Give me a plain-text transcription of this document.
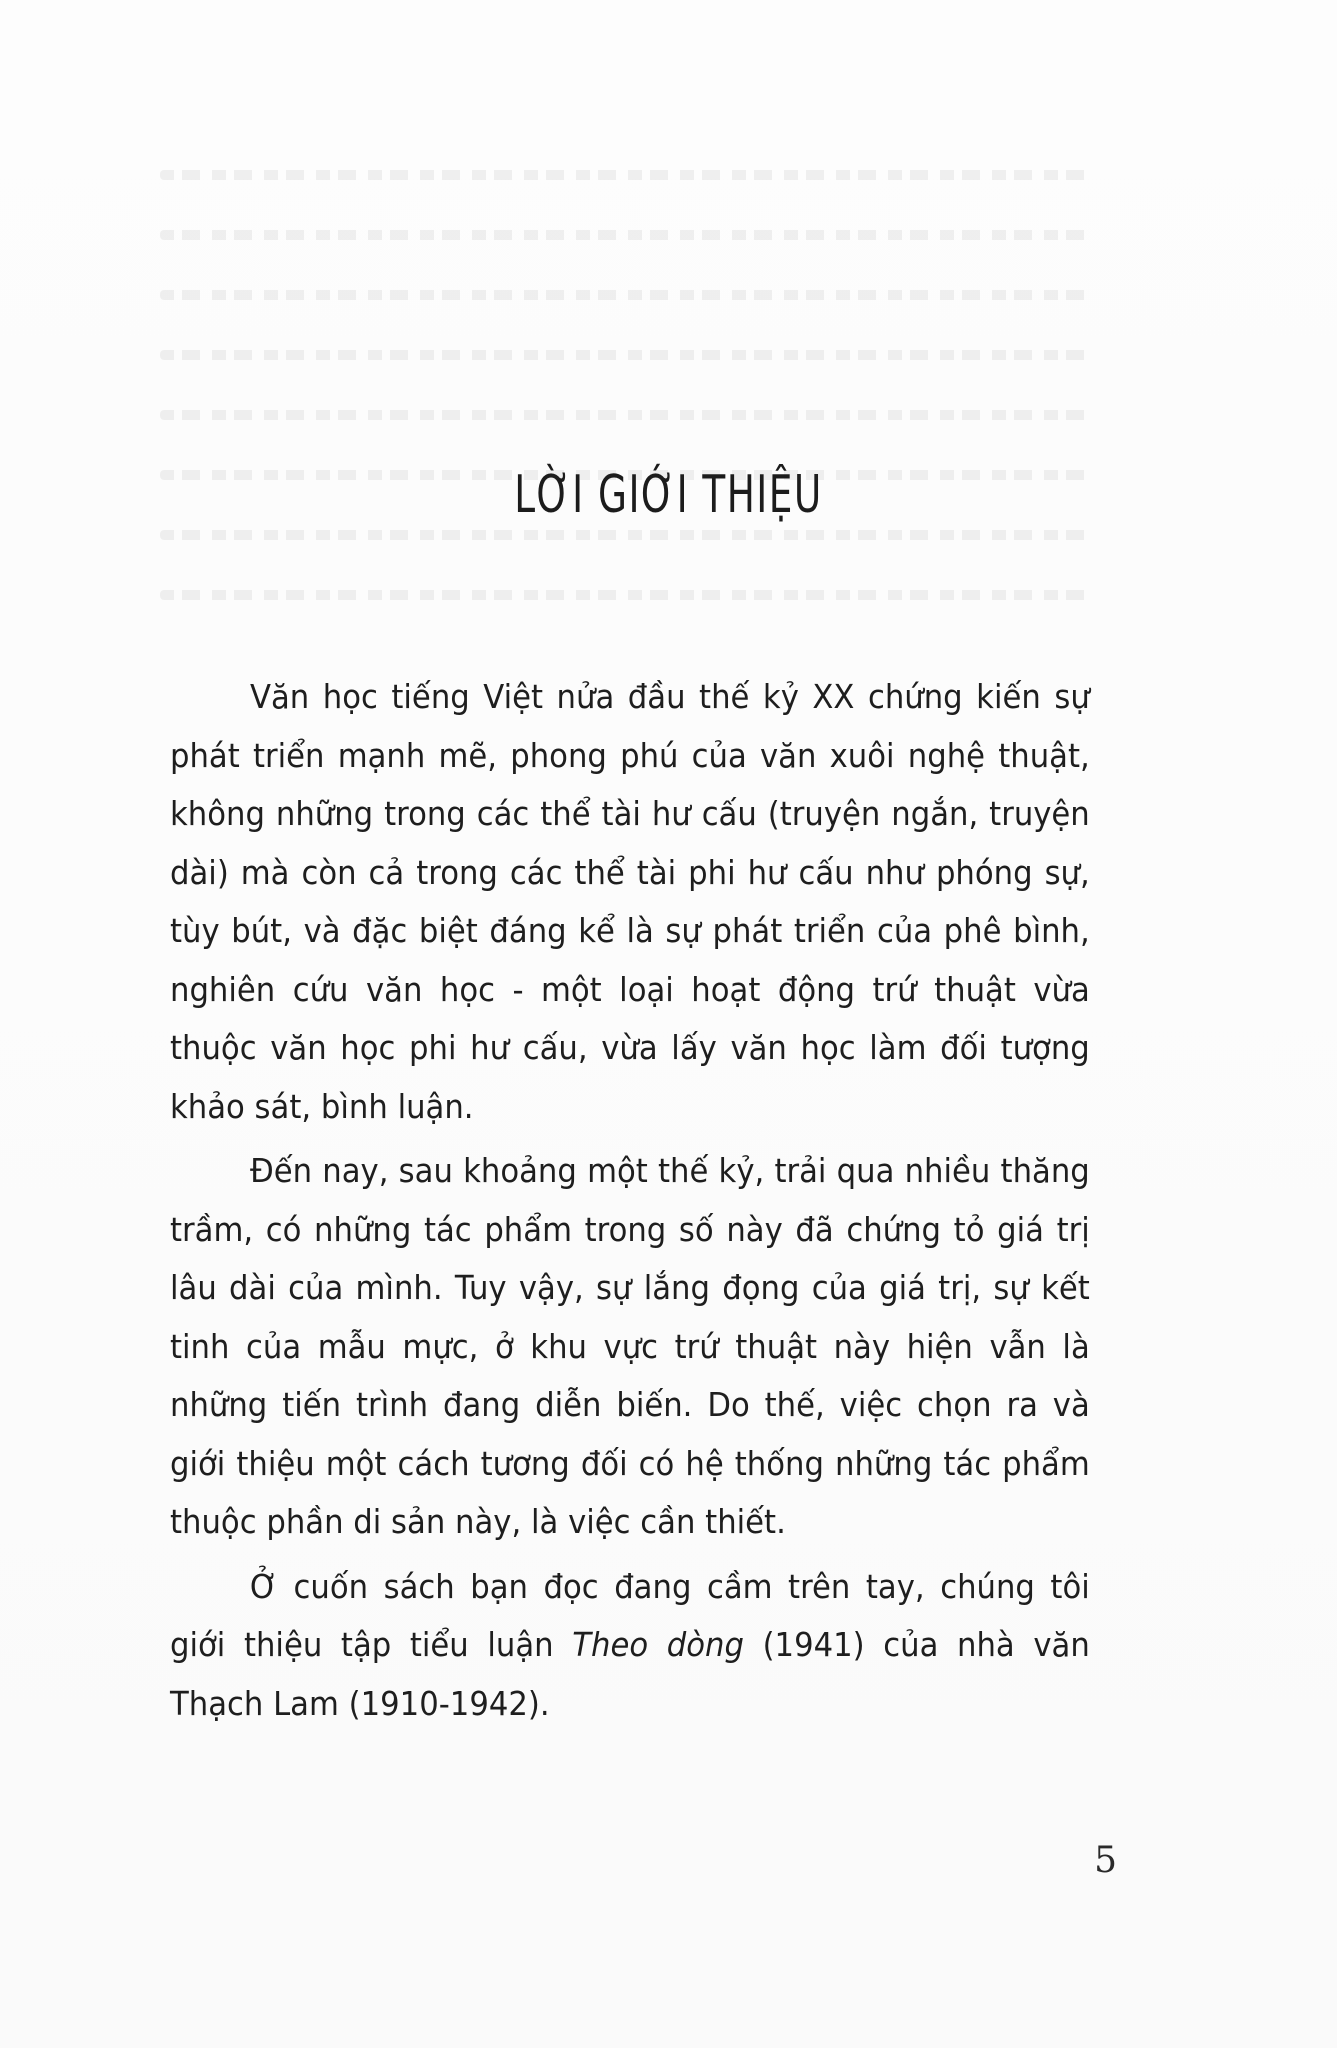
LỜI GIỚI THIỆU

Văn học tiếng Việt nửa đầu thế kỷ XX chứng kiến sự phát triển mạnh mẽ, phong phú của văn xuôi nghệ thuật, không những trong các thể tài hư cấu (truyện ngắn, truyện dài) mà còn cả trong các thể tài phi hư cấu như phóng sự, tùy bút, và đặc biệt đáng kể là sự phát triển của phê bình, nghiên cứu văn học - một loại hoạt động trứ thuật vừa thuộc văn học phi hư cấu, vừa lấy văn học làm đối tượng khảo sát, bình luận.

Đến nay, sau khoảng một thế kỷ, trải qua nhiều thăng trầm, có những tác phẩm trong số này đã chứng tỏ giá trị lâu dài của mình. Tuy vậy, sự lắng đọng của giá trị, sự kết tinh của mẫu mực, ở khu vực trứ thuật này hiện vẫn là những tiến trình đang diễn biến. Do thế, việc chọn ra và giới thiệu một cách tương đối có hệ thống những tác phẩm thuộc phần di sản này, là việc cần thiết.

Ở cuốn sách bạn đọc đang cầm trên tay, chúng tôi giới thiệu tập tiểu luận Theo dòng (1941) của nhà văn Thạch Lam (1910-1942).

5
